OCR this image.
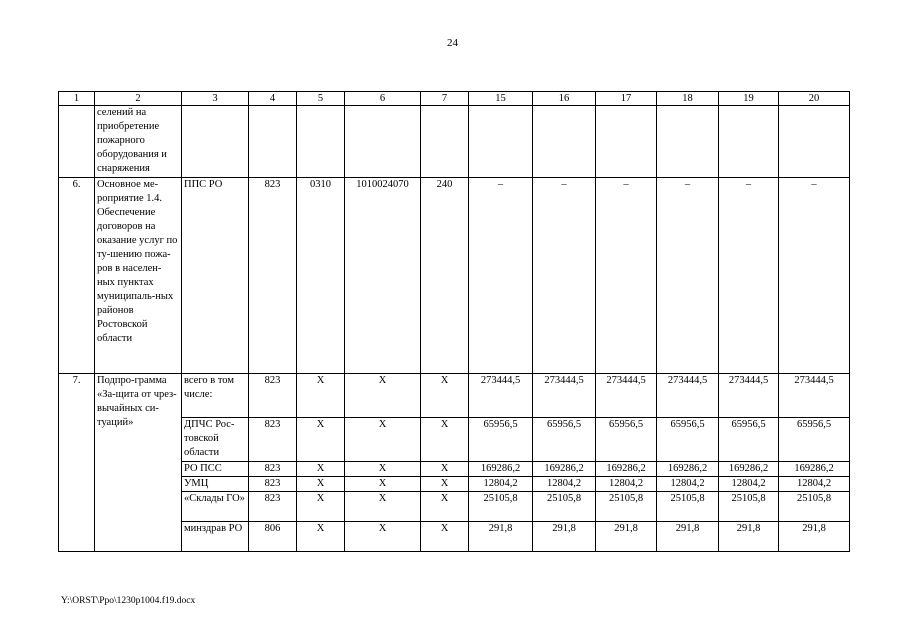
24
1	2	3	4	5	6	7	15	16	17	18	19	20
	селений на приобретение пожарного оборудования и снаряжения											
6.	Основное ме-роприятие 1.4. Обеспечение договоров на оказание услуг по ту-шению пожа-ров в населен-ных пунктах муниципаль-ных районов Ростовской области	ППС РО	823	0310	1010024070	240	–	–	–	–	–	–
7.	Подпро-грамма «За-щита от чрез-вычайных си-туаций»	всего в том числе:	823	X	X	X	273444,5	273444,5	273444,5	273444,5	273444,5	273444,5
		ДПЧС Рос-товской области	823	X	X	X	65956,5	65956,5	65956,5	65956,5	65956,5	65956,5
		РО ПСС	823	X	X	X	169286,2	169286,2	169286,2	169286,2	169286,2	169286,2
		УМЦ	823	X	X	X	12804,2	12804,2	12804,2	12804,2	12804,2	12804,2
		«Склады ГО»	823	X	X	X	25105,8	25105,8	25105,8	25105,8	25105,8	25105,8
		минздрав РО	806	X	X	X	291,8	291,8	291,8	291,8	291,8	291,8
Y:\ORST\Ppo\1230p1004.f19.docx
